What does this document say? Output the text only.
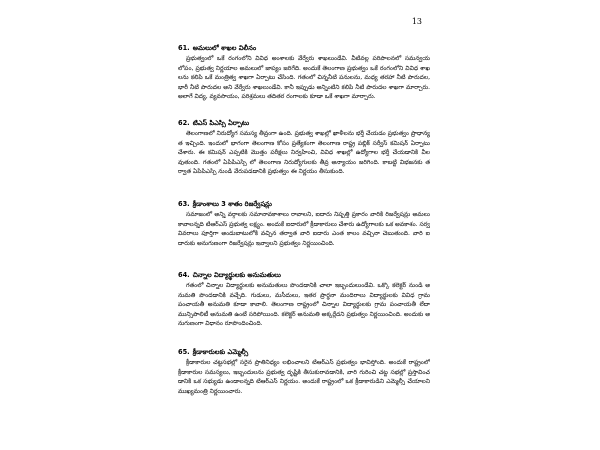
13
61. అమలులో శాఖల విలీనం

ప్రభుత్వంలో ఒకే రంగంలోని వివిధ అంశాలకు వేర్వేరు శాఖలుండేవి. వీటివల్ల పరిపాలనలో సమన్వయ లోపం, ప్రభుత్వ నిర్ణయాల అమలులో జాప్యం జరిగేది. అందుకే తెలంగాణ ప్రభుత్వం ఒకే రంగంలోని వివిధ శాఖలను కలిపి ఒకే మంత్రిత్వ శాఖగా ఏర్పాటు చేసింది. గతంలో చిన్ననీటి పనులను, మధ్య తరహా నీటి పారుదల, భారీ నీటి పారుదల అని వేర్వేరు శాఖలుండేవి. కానీ ఇప్పుడు అన్నింటిని కలిపి నీటి పారుదల శాఖగా మార్చారు. అలాగే విద్య, వ్యవసాయం, పరిశ్రమలు తదితర రంగాలకు కూడా ఒకే శాఖగా మార్చారు.

62. టిఎస్ పిఎస్సి ఏర్పాటు

తెలంగాణలో నిరుద్యోగ సమస్య తీవ్రంగా ఉంది. ప్రభుత్వ శాఖల్లో ఖాళీలను భర్తీ చేయడం ప్రభుత్వం ప్రాధాన్యత ఇచ్చింది. ఇందులో భాగంగా తెలంగాణ కోసం ప్రత్యేకంగా తెలంగాణ రాష్ట్ర పబ్లిక్ సర్వీస్ కమిషన్ ఏర్పాటు చేశారు. ఈ కమిషన్ ఎప్పటికి మొత్తం పరీక్షలు నిర్వహించి, వివిధ శాఖల్లో ఉద్యోగాల భర్తీ చేయడానికి వీలవుతుంది. గతంలో ఏపిపిఎస్సి లో తెలంగాణ నిరుద్యోగులకు తీవ్ర అన్యాయం జరిగింది. కాబట్టి విభజనకు తర్వాత ఏపిపిఎస్సి నుండి వేరుపడడానికి ప్రభుత్వం ఈ నిర్ణయం తీసుకుంది.

63. క్రీడాంశాలు 3 శాతం రిజర్వేషన్లు

సమాజంలో అన్ని వర్గాలకు సమానావకాశాలు రావాలని, ఐదారు నిష్పత్తి ప్రకారం వారికి రిజర్వేషన్లు అమలు కావాలన్నది టిఆర్ఎస్ ప్రభుత్వ లక్ష్యం. అందుకే ఐదారులో క్రీడాకారులు చేశారు ఉద్యోగాలకు ఒక అవకాశం. సర్వ వివరాలు పూర్తిగా అందుబాటులోకి వచ్చిన తర్వాత వారి ఐదారు ఎంత కాలం వచ్చినా చెబుతుంది. వారి ఐదారుకు అనుగుణంగా రిజర్వేషన్లు ఇవ్వాలని ప్రభుత్వం నిర్ణయించింది.

64. చిన్నాల విద్యార్థులకు అనుమతులు

గతంలో చిన్నాల విద్యార్థులకు అనుమతులు పొందడానికి చాలా ఇబ్బందులుండేవి. ఒక్కొ కలెక్టర్ నుండి అనుమతి పొందడానికి వచ్చేది. గుడులు, మసీదులు, ఇతర ప్రార్థనా మందిరాలు విద్యార్థులకు వివిధ గ్రామ పంచాయతీ అనుమతి కూడా కావాలి. తెలంగాణ రాష్ట్రంలో చిన్నాల విద్యార్థులకు గ్రామ పంచాయతీ లేదా మున్సిపాలిటీ అనుమతి ఉంటే సరిపోయింది. కలెక్టర్ అనుమతి అక్కర్లేదని ప్రభుత్వం నిర్ణయించింది. అందుకు అనుగుణంగా విధానం రూపొందించింది.

65. క్రీడాకారులకు ఎమ్మెల్సీ

క్రీడాకారుల చట్టసభల్లో సరైన ప్రాతినిధ్యం లభించాలని టిఆర్ఎస్ ప్రభుత్వం భావిస్తోంది. అందుకే రాష్ట్రంలో క్రీడాకారుల సమస్యలు, ఇబ్బందులను ప్రభుత్వ దృష్టికి తీసుకురావడానికి, వారి గురించి చట్ట సభల్లో ప్రస్తావించడానికి ఒక సభ్యుడు ఉండాలన్నది టిఆర్ఎస్ నిర్ణయం. అందుకే రాష్ట్రంలో ఒక క్రీడాకారుడిని ఎమ్మెల్సీ చేయాలని ముఖ్యమంత్రి నిర్ణయించారు.
